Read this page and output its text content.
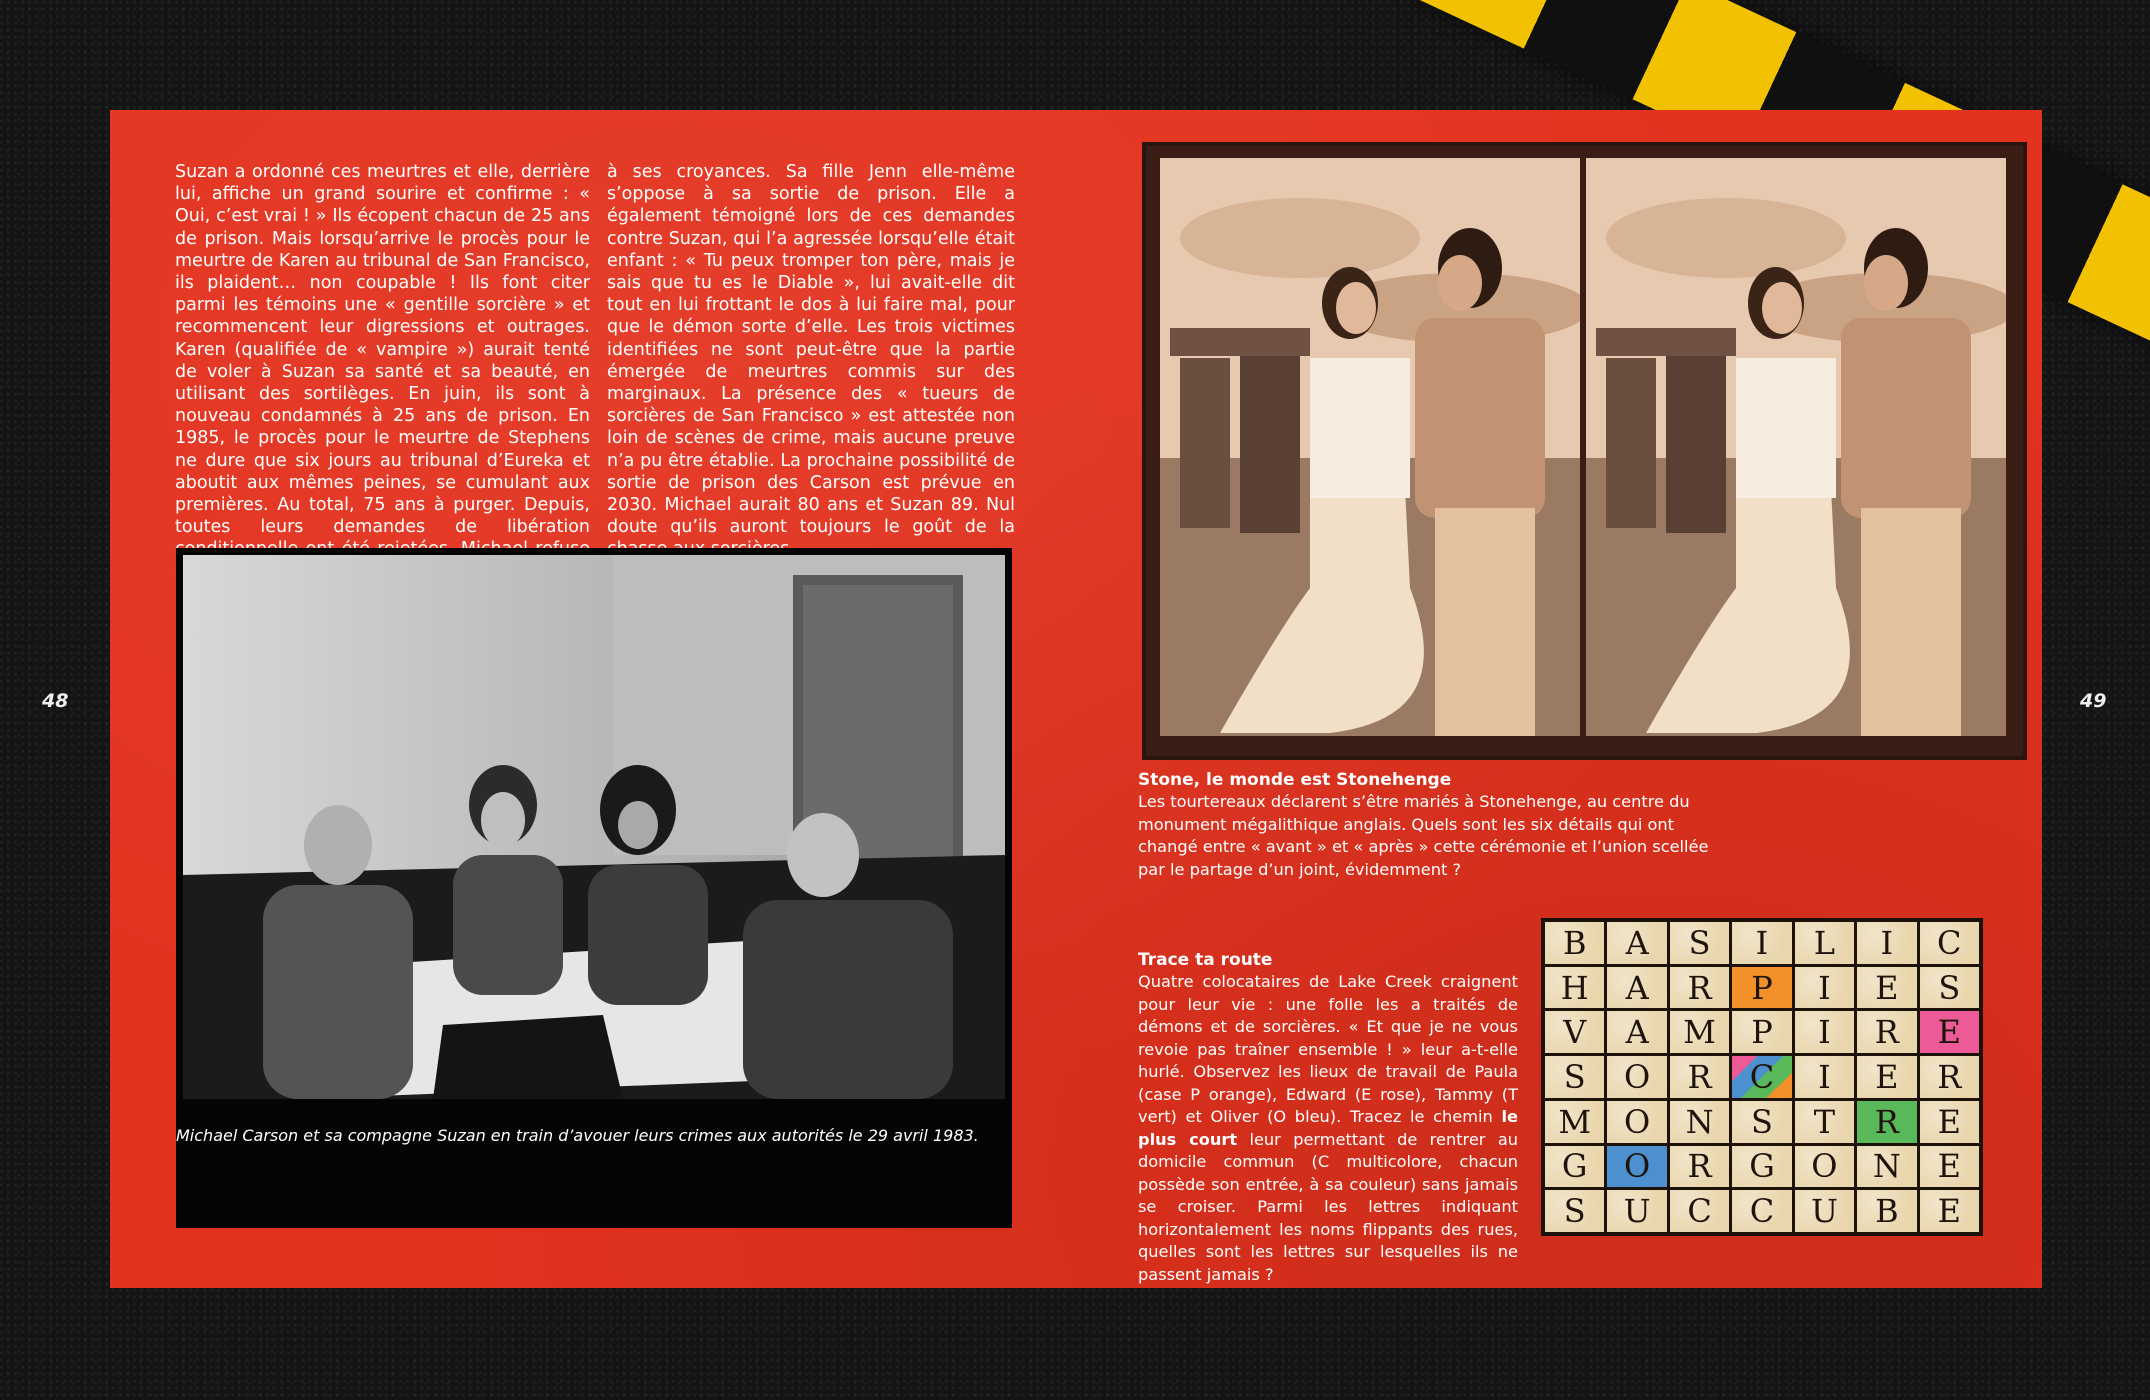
48	49

Suzan a ordonné ces meurtres et elle, derrière lui, affiche un grand sourire et confirme : « Oui, c’est vrai ! » Ils écopent chacun de 25 ans de prison. Mais lorsqu’arrive le procès pour le meurtre de Karen au tribunal de San Francisco, ils plaident… non coupable ! Ils font citer parmi les témoins une « gentille sorcière » et recommencent leur digressions et outrages. Karen (qualifiée de « vampire ») aurait tenté de voler à Suzan sa santé et sa beauté, en utilisant des sortilèges. En juin, ils sont à nouveau condamnés à 25 ans de prison. En 1985, le procès pour le meurtre de Stephens ne dure que six jours au tribunal d’Eureka et aboutit aux mêmes peines, se cumulant aux premières. Au total, 75 ans à purger. Depuis, toutes leurs demandes de libération

à ses croyances. Sa fille Jenn elle-même s’oppose à sa sortie de prison. Elle a également témoigné lors de ces demandes contre Suzan, qui l’a agressée lorsqu’elle était enfant : « Tu peux tromper ton père, mais je sais que tu es le Diable », lui avait-elle dit tout en lui frottant le dos à lui faire mal, pour que le démon sorte d’elle. Les trois victimes identifiées ne sont peut-être que la partie émergée de meurtres commis sur des marginaux. La présence des « tueurs de sorcières de San Francisco » est attestée non loin de scènes de crime, mais aucune preuve n’a pu être établie. La prochaine possibilité de sortie de prison des Carson est prévue en 2030. Michael aurait 80 ans et Suzan 89. Nul doute qu’ils auront toujours le goût de la

Michael Carson et sa compagne Suzan en train d’avouer leurs crimes aux autorités le 29 avril 1983.
Stone, le monde est Stonehenge
Les tourtereaux déclarent s’être mariés à Stonehenge, au centre du monument mégalithique anglais. Quels sont les six détails qui ont changé entre « avant » et « après » cette cérémonie et l’union scellée par le partage d’un joint, évidemment ?
Trace ta route
Quatre colocataires de Lake Creek craignent pour leur vie : une folle les a traités de démons et de sorcières. « Et que je ne vous revoie pas traîner ensemble ! » leur a-t-elle hurlé. Observez les lieux de travail de Paula (case P orange), Edward (E rose), Tammy (T vert) et Oliver (O bleu). Tracez le chemin le plus court leur permettant de rentrer au domicile commun (C multicolore, chacun possède son entrée, à sa couleur) sans jamais se croiser. Parmi les lettres indiquant horizontalement les noms flippants des rues, quelles sont les lettres sur lesquelles ils ne passent jamais ?
B	A	S	I	L	I	C
H	A	R	P	I	E	S
V	A	M	P	I	R	E
S	O	R	C	I	E	R
M	O	N	S	T	R	E
G	O	R	G	O	N	E
S	U	C	C	U	B	E
